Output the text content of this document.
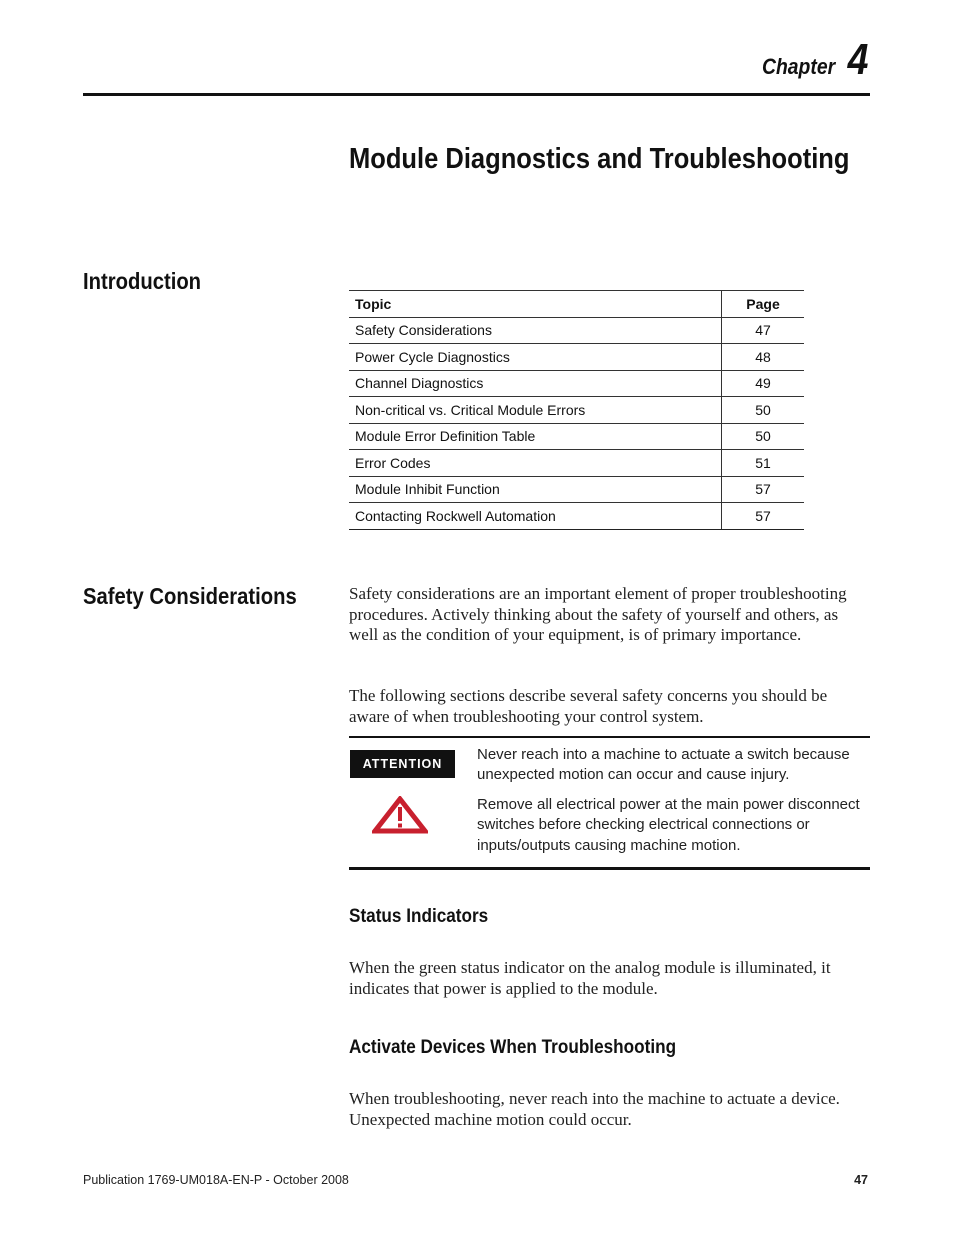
Chapter 4
Module Diagnostics and Troubleshooting
Introduction
Topic	Page
Safety Considerations	47
Power Cycle Diagnostics	48
Channel Diagnostics	49
Non-critical vs. Critical Module Errors	50
Module Error Definition Table	50
Error Codes	51
Module Inhibit Function	57
Contacting Rockwell Automation	57
Safety Considerations	Safety considerations are an important element of proper troubleshooting procedures. Actively thinking about the safety of yourself and others, as well as the condition of your equipment, is of primary importance.
The following sections describe several safety concerns you should be aware of when troubleshooting your control system.
ATTENTION
Never reach into a machine to actuate a switch because unexpected motion can occur and cause injury.
Remove all electrical power at the main power disconnect switches before checking electrical connections or inputs/outputs causing machine motion.
Status Indicators
When the green status indicator on the analog module is illuminated, it indicates that power is applied to the module.
Activate Devices When Troubleshooting
When troubleshooting, never reach into the machine to actuate a device. Unexpected machine motion could occur.
Publication 1769-UM018A-EN-P - October 2008	47
